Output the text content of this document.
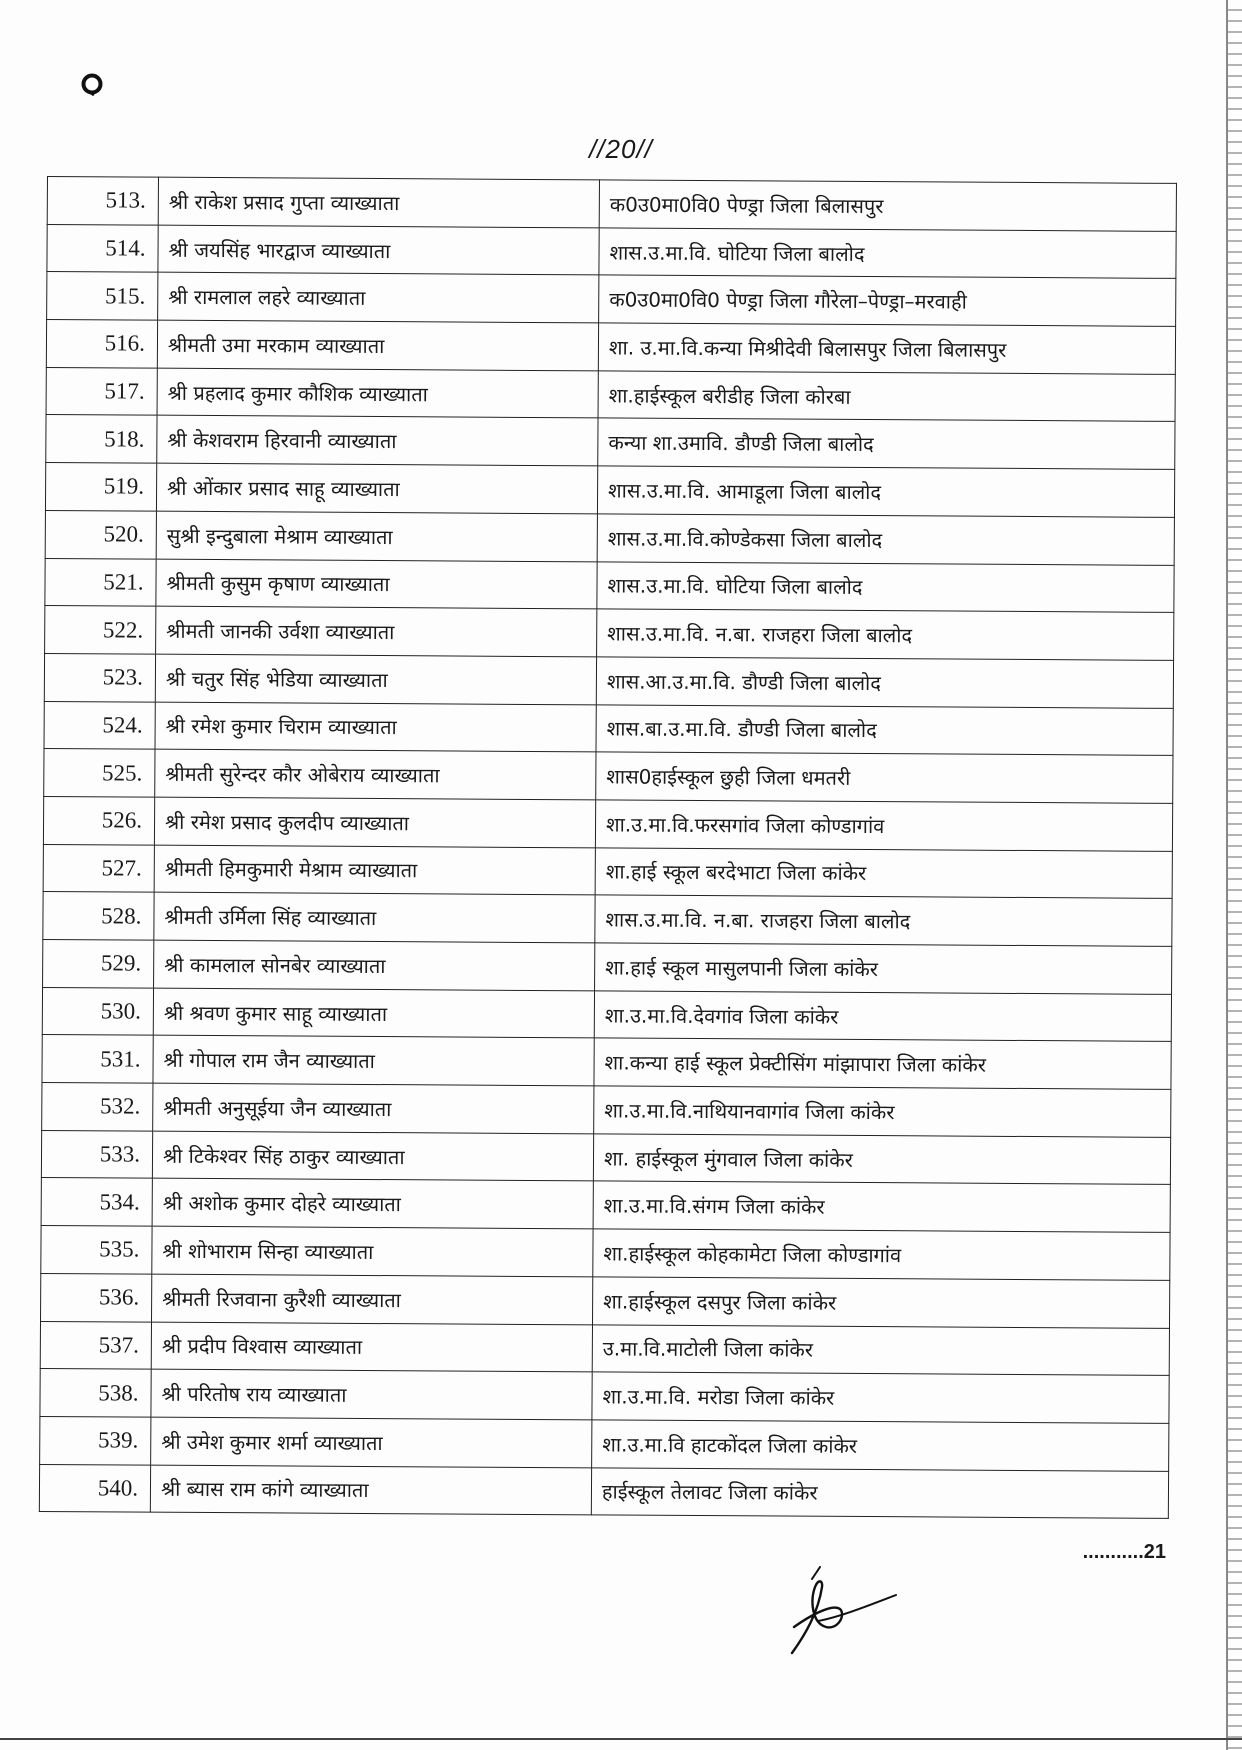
//20//
513.	श्री राकेश प्रसाद गुप्ता व्याख्याता	क0उ0मा0वि0 पेण्ड्रा जिला बिलासपुर
514.	श्री जयसिंह भारद्वाज व्याख्याता	शास.उ.मा.वि. घोटिया जिला बालोद
515.	श्री रामलाल लहरे व्याख्याता	क0उ0मा0वि0 पेण्ड्रा जिला गौरेला–पेण्ड्रा–मरवाही
516.	श्रीमती उमा मरकाम व्याख्याता	शा. उ.मा.वि.कन्या मिश्रीदेवी बिलासपुर जिला बिलासपुर
517.	श्री प्रहलाद कुमार कौशिक व्याख्याता	शा.हाईस्कूल बरीडीह जिला कोरबा
518.	श्री केशवराम हिरवानी व्याख्याता	कन्या शा.उमावि. डौण्डी जिला बालोद
519.	श्री ओंकार प्रसाद साहू व्याख्याता	शास.उ.मा.वि. आमाडूला जिला बालोद
520.	सुश्री इन्दुबाला मेश्राम व्याख्याता	शास.उ.मा.वि.कोण्डेकसा जिला बालोद
521.	श्रीमती कुसुम कृषाण व्याख्याता	शास.उ.मा.वि. घोटिया जिला बालोद
522.	श्रीमती जानकी उर्वशा व्याख्याता	शास.उ.मा.वि. न.बा. राजहरा जिला बालोद
523.	श्री चतुर सिंह भेडिया व्याख्याता	शास.आ.उ.मा.वि. डौण्डी जिला बालोद
524.	श्री रमेश कुमार चिराम व्याख्याता	शास.बा.उ.मा.वि. डौण्डी जिला बालोद
525.	श्रीमती सुरेन्दर कौर ओबेराय व्याख्याता	शास0हाईस्कूल छुही जिला धमतरी
526.	श्री रमेश प्रसाद कुलदीप व्याख्याता	शा.उ.मा.वि.फरसगांव जिला कोण्डागांव
527.	श्रीमती हिमकुमारी मेश्राम व्याख्याता	शा.हाई स्कूल बरदेभाटा जिला कांकेर
528.	श्रीमती उर्मिला सिंह व्याख्याता	शास.उ.मा.वि. न.बा. राजहरा जिला बालोद
529.	श्री कामलाल सोनबेर व्याख्याता	शा.हाई स्कूल मासुलपानी जिला कांकेर
530.	श्री श्रवण कुमार साहू व्याख्याता	शा.उ.मा.वि.देवगांव जिला कांकेर
531.	श्री गोपाल राम जैन व्याख्याता	शा.कन्या हाई स्कूल प्रेक्टीसिंग मांझापारा जिला कांकेर
532.	श्रीमती अनुसूईया जैन व्याख्याता	शा.उ.मा.वि.नाथियानवागांव जिला कांकेर
533.	श्री टिकेश्वर सिंह ठाकुर व्याख्याता	शा. हाईस्कूल मुंगवाल जिला कांकेर
534.	श्री अशोक कुमार दोहरे व्याख्याता	शा.उ.मा.वि.संगम जिला कांकेर
535.	श्री शोभाराम सिन्हा व्याख्याता	शा.हाईस्कूल कोहकामेटा जिला कोण्डागांव
536.	श्रीमती रिजवाना कुरैशी व्याख्याता	शा.हाईस्कूल दसपुर जिला कांकेर
537.	श्री प्रदीप विश्वास व्याख्याता	उ.मा.वि.माटोली जिला कांकेर
538.	श्री परितोष राय व्याख्याता	शा.उ.मा.वि. मरोडा जिला कांकेर
539.	श्री उमेश कुमार शर्मा व्याख्याता	शा.उ.मा.वि हाटकोंदल जिला कांकेर
540.	श्री ब्यास राम कांगे व्याख्याता	हाईस्कूल तेलावट जिला कांकेर
...........21
